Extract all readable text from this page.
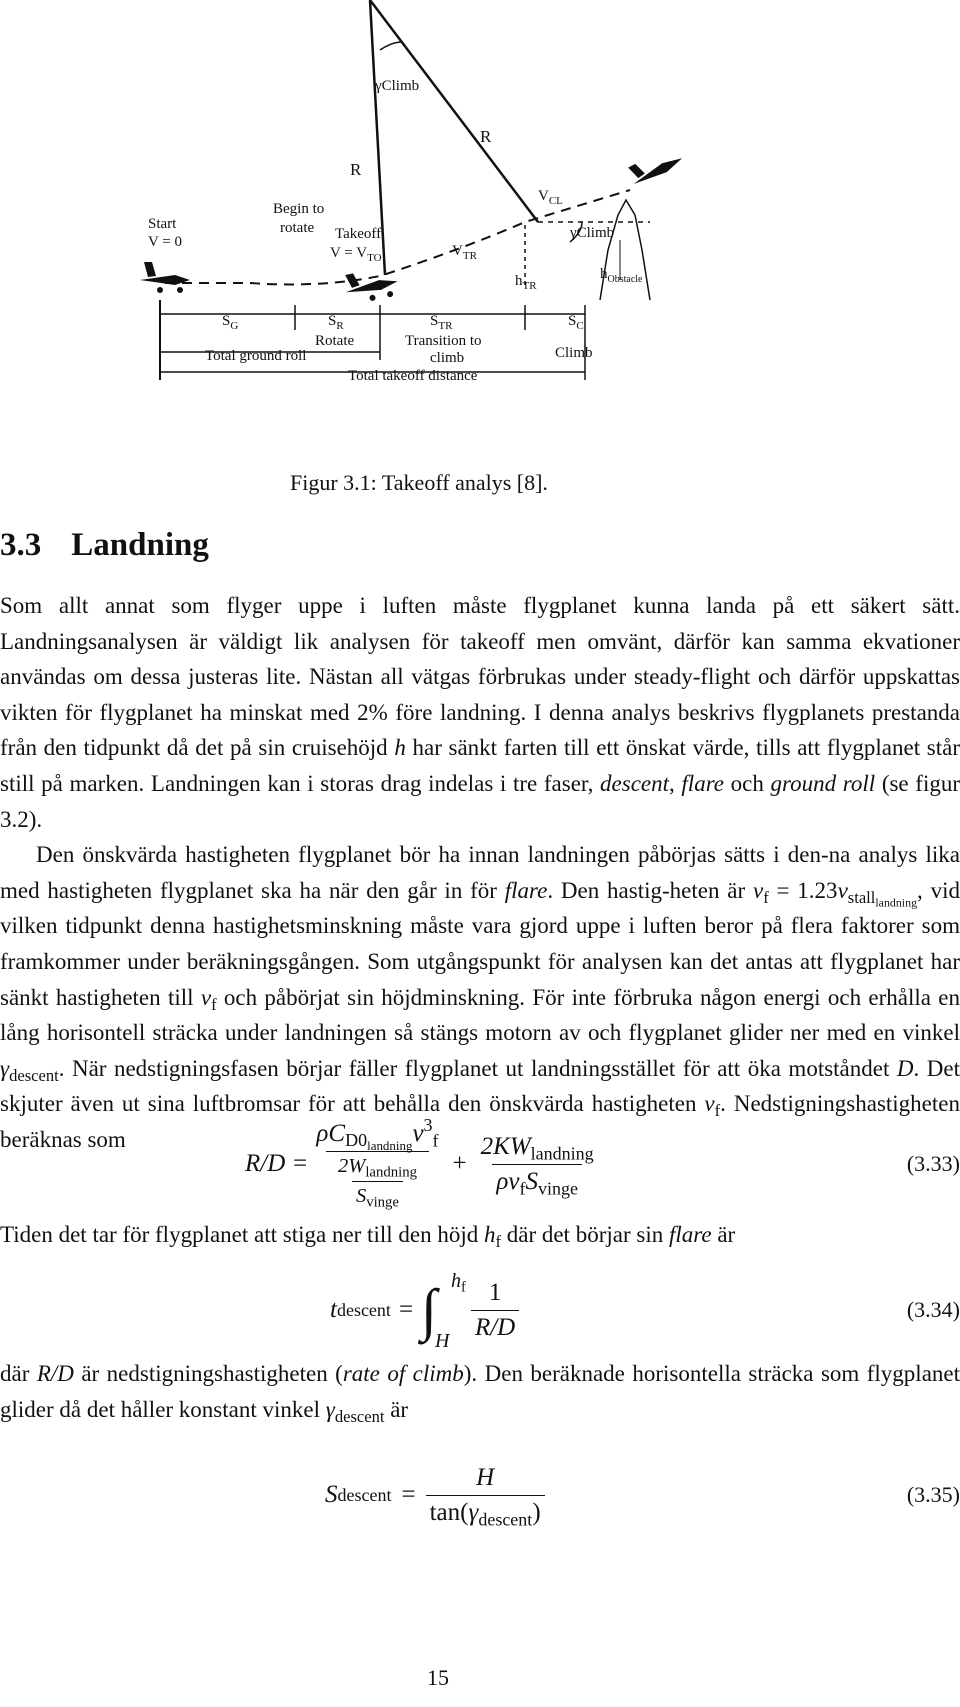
Start
V = 0
Begin to
rotate Takeoff
$V = V_{TO}$
R
R
γClimb
$V_{CL}$
γClimb
$V_{TR}$
$h_{TR}$
$h_{Obstacle}$
$S_G$	$S_R$	$S_{TR}$	$S_C$
Rotate	Transition to
climb	Climb
Total ground roll
Total takeoff distance
Figur 3.1: Takeoff analys [8].
3.3 Landning

Som allt annat som flyger uppe i luften måste flygplanet kunna landa på ett säkert sätt. Landningsanalysen är väldigt lik analysen för takeoff men omvänt, därför kan samma ekvationer användas om dessa justeras lite. Nästan all vätgas förbrukas under steady-flight och därför uppskattas vikten för flygplanet ha minskat med 2% före landning. I denna analys beskrivs flygplanets prestanda från den tidpunkt då det på sin cruisehöjd h har sänkt farten till ett önskat värde, tills att flygplanet står still på marken. Landningen kan i storas drag indelas i tre faser, descent, flare och ground roll (se figur 3.2).

Den önskvärda hastigheten flygplanet bör ha innan landningen påbörjas sätts i den-na analys lika med hastigheten flygplanet ska ha när den går in för flare. Den hastig-heten är $v_f = 1.23v_{stall_{landning}}$, vid vilken tidpunkt denna hastighetsminskning måste vara gjord uppe i luften beror på flera faktorer som framkommer under beräkningsgången. Som utgångspunkt för analysen kan det antas att flygplanet har sänkt hastigheten till $v_f$ och påbörjat sin höjdminskning. För inte förbruka någon energi och erhålla en lång horisontell sträcka under landningen så stängs motorn av och flygplanet glider ner med en vinkel $\gamma_{descent}$. När nedstigningsfasen börjar fäller flygplanet ut landningsstället för att öka motståndet D. Det skjuter även ut sina luftbromsar för att behålla den önskvärda hastigheten $v_f$. Nedstigningshastigheten beräknas som

$R/D = \frac{\rho C_{D0_{landning}}v^3_f}{\frac{2W_{landning}}{S_{vinge}}} + \frac{2KW_{landning}}{\rho v_fS_{vinge}}$	(3.33)
Tiden det tar för flygplanet att stiga ner till den höjd $h_f$ där det börjar sin flare är
t descent = ∫ $h_f$
H $\frac{1}{R/D}$	(3.34)
där R/D är nedstigningshastigheten (rate of climb). Den beräknade horisontella sträcka som flygplanet glider då det håller konstant vinkel $\gamma_{descent}$ är
S descent = $\frac{H}{\tan(\gamma_{descent})}$	(3.35)
15
